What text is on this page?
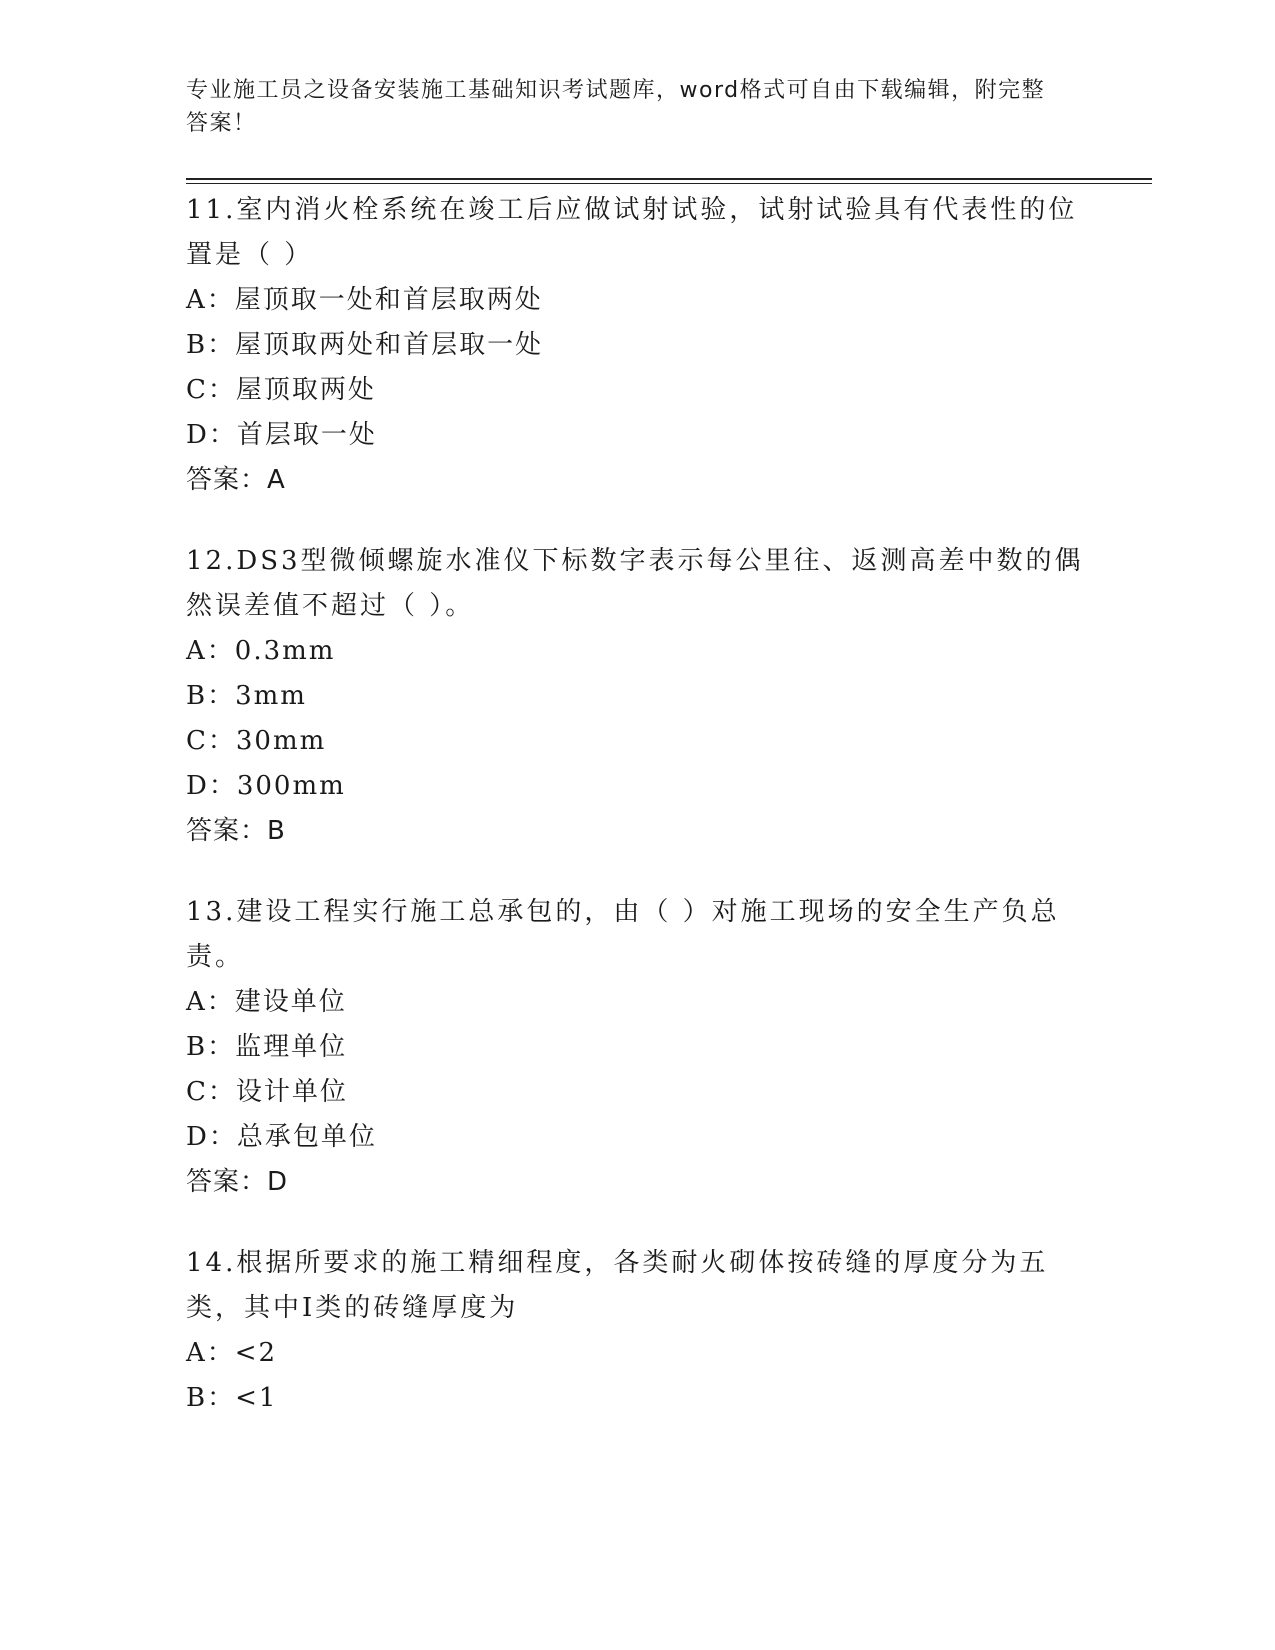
专业施工员之设备安装施工基础知识考试题库，word格式可自由下载编辑，附完整答案！

11.室内消火栓系统在竣工后应做试射试验，试射试验具有代表性的位置是（ ）

A：屋顶取一处和首层取两处

B：屋顶取两处和首层取一处

C：屋顶取两处

D：首层取一处

答案：A

12.DS3型微倾螺旋水准仪下标数字表示每公里往、返测高差中数的偶然误差值不超过（ ）。

A：0.3mm

B：3mm

C：30mm

D：300mm

答案：B

13.建设工程实行施工总承包的，由（ ）对施工现场的安全生产负总责。

A：建设单位

B：监理单位

C：设计单位

D：总承包单位

答案：D

14.根据所要求的施工精细程度，各类耐火砌体按砖缝的厚度分为五类，其中Ⅰ类的砖缝厚度为

A：<2

B：<1
